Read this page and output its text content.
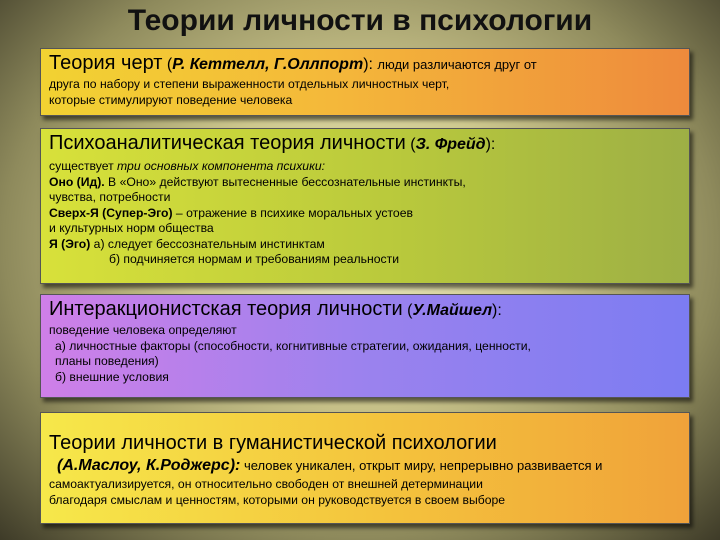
Теории личности в психологии
Теория черт (Р. Кеттелл, Г.Оллпорт): люди различаются друг от
друга по набору и степени выраженности отдельных личностных черт,
которые стимулируют поведение человека
Психоаналитическая теория личности (З. Фрейд):
существует три основных компонента психики:
Оно (Ид). В «Оно» действуют вытесненные бессознательные инстинкты,
чувства, потребности
Сверх-Я (Супер-Эго) – отражение в психике моральных устоев
и культурных норм общества
Я (Эго) а) следует бессознательным инстинктам
б) подчиняется нормам и требованиям реальности
Интеракционистская теория личности (У.Майшел):
поведение человека определяют
а) личностные факторы (способности, когнитивные стратегии, ожидания, ценности,
планы поведения)
б) внешние условия
Теории личности в гуманистической психологии
(А.Маслоу, К.Роджерс): человек уникален, открыт миру, непрерывно развивается и
самоактуализируется, он относительно свободен от внешней детерминации
благодаря смыслам и ценностям, которыми он руководствуется в своем выборе
